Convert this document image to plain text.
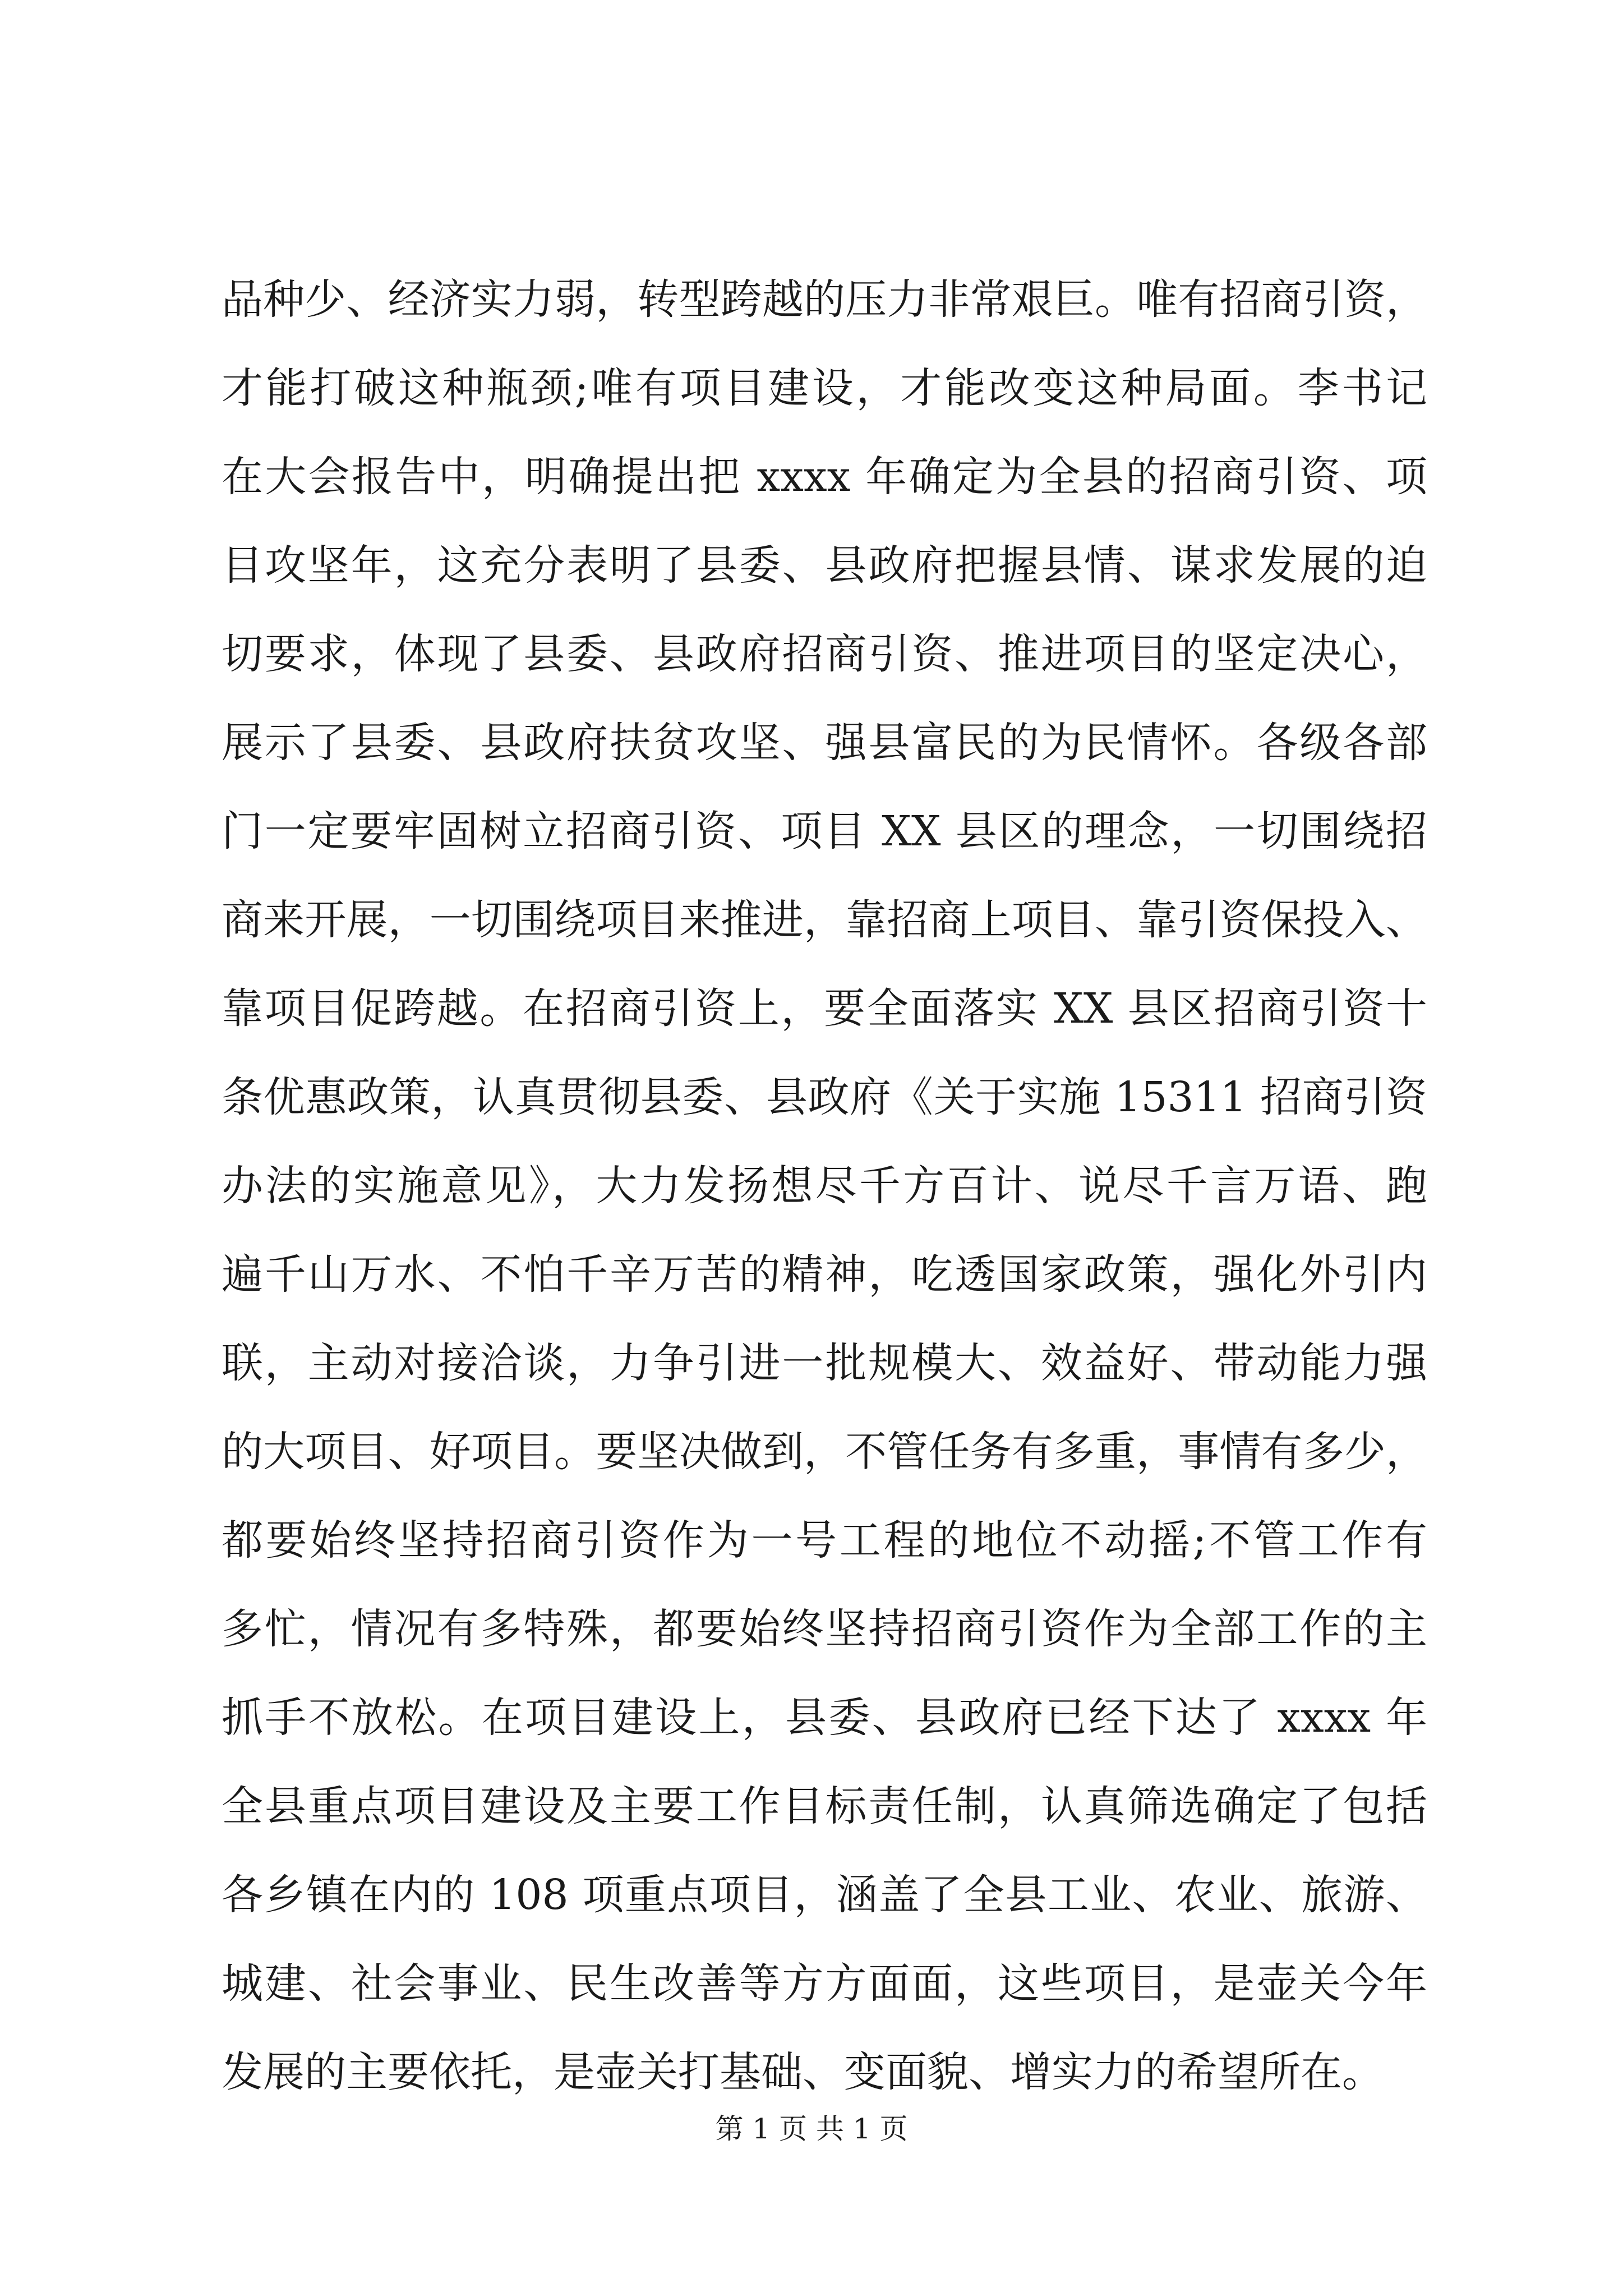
品种少、经济实力弱，转型跨越的压力非常艰巨。唯有招商引资，
才能打破这种瓶颈;唯有项目建设，才能改变这种局面。李书记
在大会报告中，明确提出把 xxxx 年确定为全县的招商引资、项
目攻坚年，这充分表明了县委、县政府把握县情、谋求发展的迫
切要求，体现了县委、县政府招商引资、推进项目的坚定决心，
展示了县委、县政府扶贫攻坚、强县富民的为民情怀。各级各部
门一定要牢固树立招商引资、项目 XX 县区的理念，一切围绕招
商来开展，一切围绕项目来推进，靠招商上项目、靠引资保投入、
靠项目促跨越。在招商引资上，要全面落实 XX 县区招商引资十
条优惠政策，认真贯彻县委、县政府《关于实施 15311 招商引资
办法的实施意见》，大力发扬想尽千方百计、说尽千言万语、跑
遍千山万水、不怕千辛万苦的精神，吃透国家政策，强化外引内
联，主动对接洽谈，力争引进一批规模大、效益好、带动能力强
的大项目、好项目。要坚决做到，不管任务有多重，事情有多少，
都要始终坚持招商引资作为一号工程的地位不动摇;不管工作有
多忙，情况有多特殊，都要始终坚持招商引资作为全部工作的主
抓手不放松。在项目建设上，县委、县政府已经下达了 xxxx 年
全县重点项目建设及主要工作目标责任制，认真筛选确定了包括
各乡镇在内的 108 项重点项目，涵盖了全县工业、农业、旅游、
城建、社会事业、民生改善等方方面面，这些项目，是壶关今年
发展的主要依托，是壶关打基础、变面貌、增实力的希望所在。
第 1 页 共 1 页
